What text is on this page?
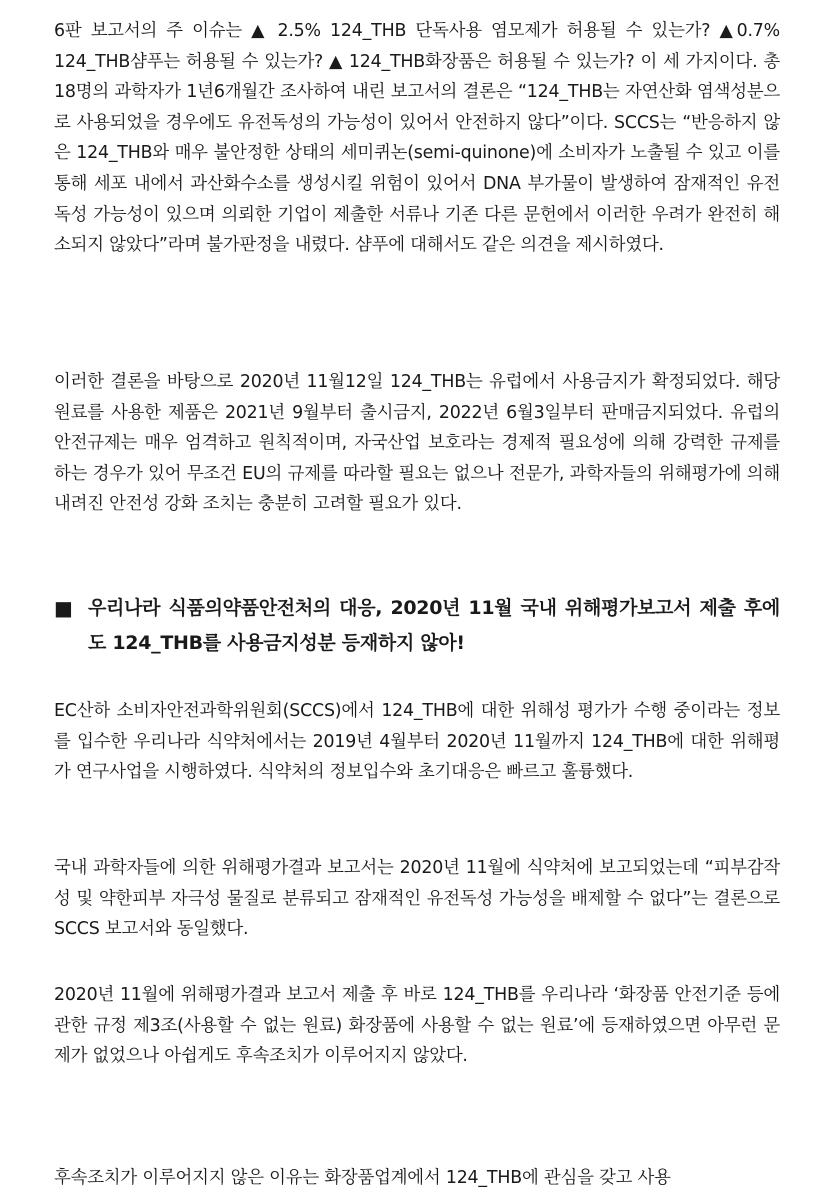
6판 보고서의 주 이슈는 ▲ 2.5% 124_THB 단독사용 염모제가 허용될 수 있는가? ▲0.7% 124_THB샴푸는 허용될 수 있는가? ▲ 124_THB화장품은 허용될 수 있는가? 이 세 가지이다. 총 18명의 과학자가 1년6개월간 조사하여 내린 보고서의 결론은 “124_THB는 자연산화 염색성분으로 사용되었을 경우에도 유전독성의 가능성이 있어서 안전하지 않다”이다. SCCS는 “반응하지 않은 124_THB와 매우 불안정한 상태의 세미퀴논(semi-quinone)에 소비자가 노출될 수 있고 이를 통해 세포 내에서 과산화수소를 생성시킬 위험이 있어서 DNA 부가물이 발생하여 잠재적인 유전독성 가능성이 있으며 의뢰한 기업이 제출한 서류나 기존 다른 문헌에서 이러한 우려가 완전히 해소되지 않았다”라며 불가판정을 내렸다. 샴푸에 대해서도 같은 의견을 제시하였다.

이러한 결론을 바탕으로 2020년 11월12일 124_THB는 유럽에서 사용금지가 확정되었다. 해당원료를 사용한 제품은 2021년 9월부터 출시금지, 2022년 6월3일부터 판매금지되었다. 유럽의 안전규제는 매우 엄격하고 원칙적이며, 자국산업 보호라는 경제적 필요성에 의해 강력한 규제를 하는 경우가 있어 무조건 EU의 규제를 따라할 필요는 없으나 전문가, 과학자들의 위해평가에 의해 내려진 안전성 강화 조치는 충분히 고려할 필요가 있다.

■ 우리나라 식품의약품안전처의 대응, 2020년 11월 국내 위해평가보고서 제출 후에도 124_THB를 사용금지성분 등재하지 않아!

EC산하 소비자안전과학위원회(SCCS)에서 124_THB에 대한 위해성 평가가 수행 중이라는 정보를 입수한 우리나라 식약처에서는 2019년 4월부터 2020년 11월까지 124_THB에 대한 위해평가 연구사업을 시행하였다. 식약처의 정보입수와 초기대응은 빠르고 훌륭했다.

국내 과학자들에 의한 위해평가결과 보고서는 2020년 11월에 식약처에 보고되었는데 “피부감작성 및 약한피부 자극성 물질로 분류되고 잠재적인 유전독성 가능성을 배제할 수 없다”는 결론으로 SCCS 보고서와 동일했다.

2020년 11월에 위해평가결과 보고서 제출 후 바로 124_THB를 우리나라 ‘화장품 안전기준 등에 관한 규정 제3조(사용할 수 없는 원료) 화장품에 사용할 수 없는 원료’에 등재하였으면 아무런 문제가 없었으나 아쉽게도 후속조치가 이루어지지 않았다.

후속조치가 이루어지지 않은 이유는 화장품업계에서 124_THB에 관심을 갖고 사용
